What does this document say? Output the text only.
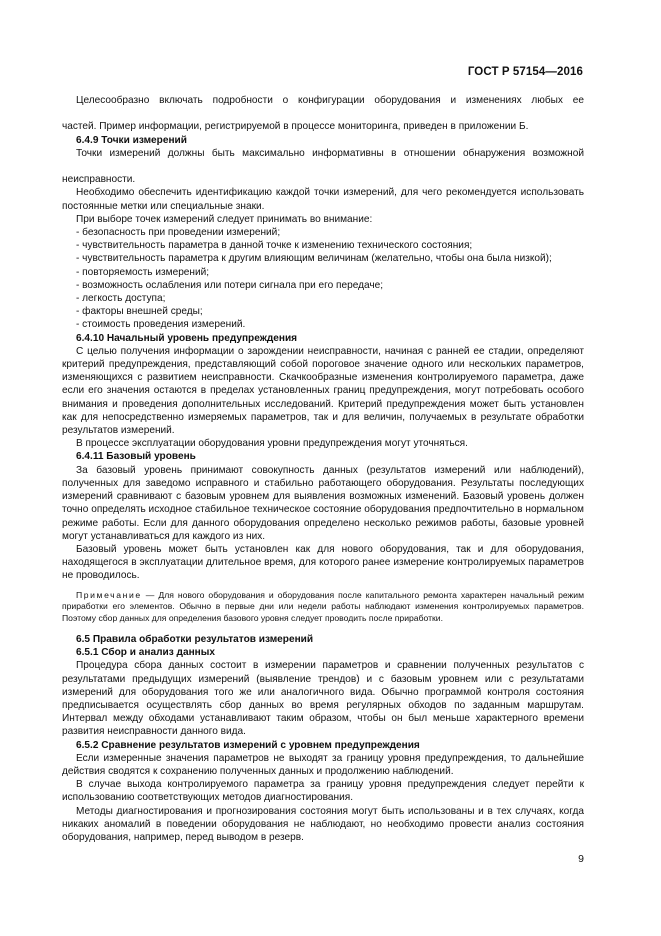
ГОСТ Р 57154—2016

Целесообразно включать подробности о конфигурации оборудования и изменениях любых ее

частей. Пример информации, регистрируемой в процессе мониторинга, приведен в приложении Б.

6.4.9 Точки измерений

Точки измерений должны быть максимально информативны в отношении обнаружения возможной

неисправности.

Необходимо обеспечить идентификацию каждой точки измерений, для чего рекомендуется использовать постоянные метки или специальные знаки.

При выборе точек измерений следует принимать во внимание:

- безопасность при проведении измерений;

- чувствительность параметра в данной точке к изменению технического состояния;

- чувствительность параметра к другим влияющим величинам (желательно, чтобы она была низкой);

- повторяемость измерений;

- возможность ослабления или потери сигнала при его передаче;

- легкость доступа;

- факторы внешней среды;

- стоимость проведения измерений.

6.4.10 Начальный уровень предупреждения

С целью получения информации о зарождении неисправности, начиная с ранней ее стадии, определяют критерий предупреждения, представляющий собой пороговое значение одного или нескольких параметров, изменяющихся с развитием неисправности. Скачкообразные изменения контролируемого параметра, даже если его значения остаются в пределах установленных границ предупреждения, могут потребовать особого внимания и проведения дополнительных исследований. Критерий предупреждения может быть установлен как для непосредственно измеряемых параметров, так и для величин, получаемых в результате обработки результатов измерений.

В процессе эксплуатации оборудования уровни предупреждения могут уточняться.

6.4.11 Базовый уровень

За базовый уровень принимают совокупность данных (результатов измерений или наблюдений), полученных для заведомо исправного и стабильно работающего оборудования. Результаты последующих измерений сравнивают с базовым уровнем для выявления возможных изменений. Базовый уровень должен точно определять исходное стабильное техническое состояние оборудования предпочтительно в нормальном режиме работы. Если для данного оборудования определено несколько режимов работы, базовые уровней могут устанавливаться для каждого из них.

Базовый уровень может быть установлен как для нового оборудования, так и для оборудования, находящегося в эксплуатации длительное время, для которого ранее измерение контролируемых параметров не проводилось.

Примечание — Для нового оборудования и оборудования после капитального ремонта характерен начальный режим приработки его элементов. Обычно в первые дни или недели работы наблюдают изменения контролируемых параметров. Поэтому сбор данных для определения базового уровня следует проводить после приработки.

6.5 Правила обработки результатов измерений

6.5.1 Сбор и анализ данных

Процедура сбора данных состоит в измерении параметров и сравнении полученных результатов с результатами предыдущих измерений (выявление трендов) и с базовым уровнем или с результатами измерений для оборудования того же или аналогичного вида. Обычно программой контроля состояния предписывается осуществлять сбор данных во время регулярных обходов по заданным маршрутам. Интервал между обходами устанавливают таким образом, чтобы он был меньше характерного времени развития неисправности данного вида.

6.5.2 Сравнение результатов измерений с уровнем предупреждения

Если измеренные значения параметров не выходят за границу уровня предупреждения, то дальнейшие действия сводятся к сохранению полученных данных и продолжению наблюдений.

В случае выхода контролируемого параметра за границу уровня предупреждения следует перейти к использованию соответствующих методов диагностирования.

Методы диагностирования и прогнозирования состояния могут быть использованы и в тех случаях, когда никаких аномалий в поведении оборудования не наблюдают, но необходимо провести анализ состояния оборудования, например, перед выводом в резерв.

9
